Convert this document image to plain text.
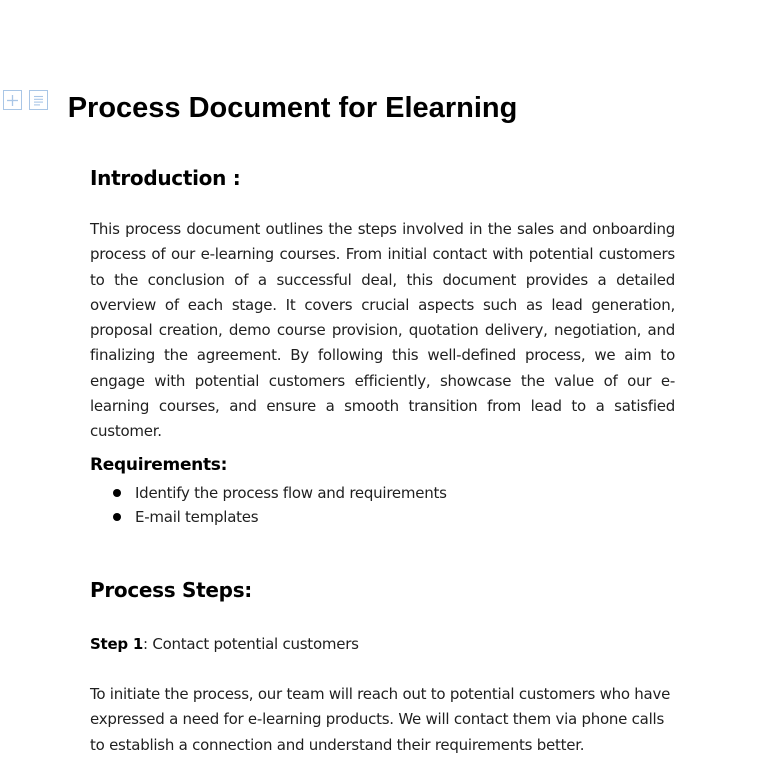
Process Document for Elearning
Introduction :

This process document outlines the steps involved in the sales and onboarding process of our e-learning courses. From initial contact with potential customers to the conclusion of a successful deal, this document provides a detailed overview of each stage. It covers crucial aspects such as lead generation, proposal creation, demo course provision, quotation delivery, negotiation, and finalizing the agreement. By following this well-defined process, we aim to engage with potential customers efficiently, showcase the value of our e-learning courses, and ensure a smooth transition from lead to a satisfied customer.

Requirements:
Identify the process flow and requirements
E-mail templates
Process Steps:

Step 1: Contact potential customers

To initiate the process, our team will reach out to potential customers who have expressed a need for e-learning products. We will contact them via phone calls to establish a connection and understand their requirements better.
